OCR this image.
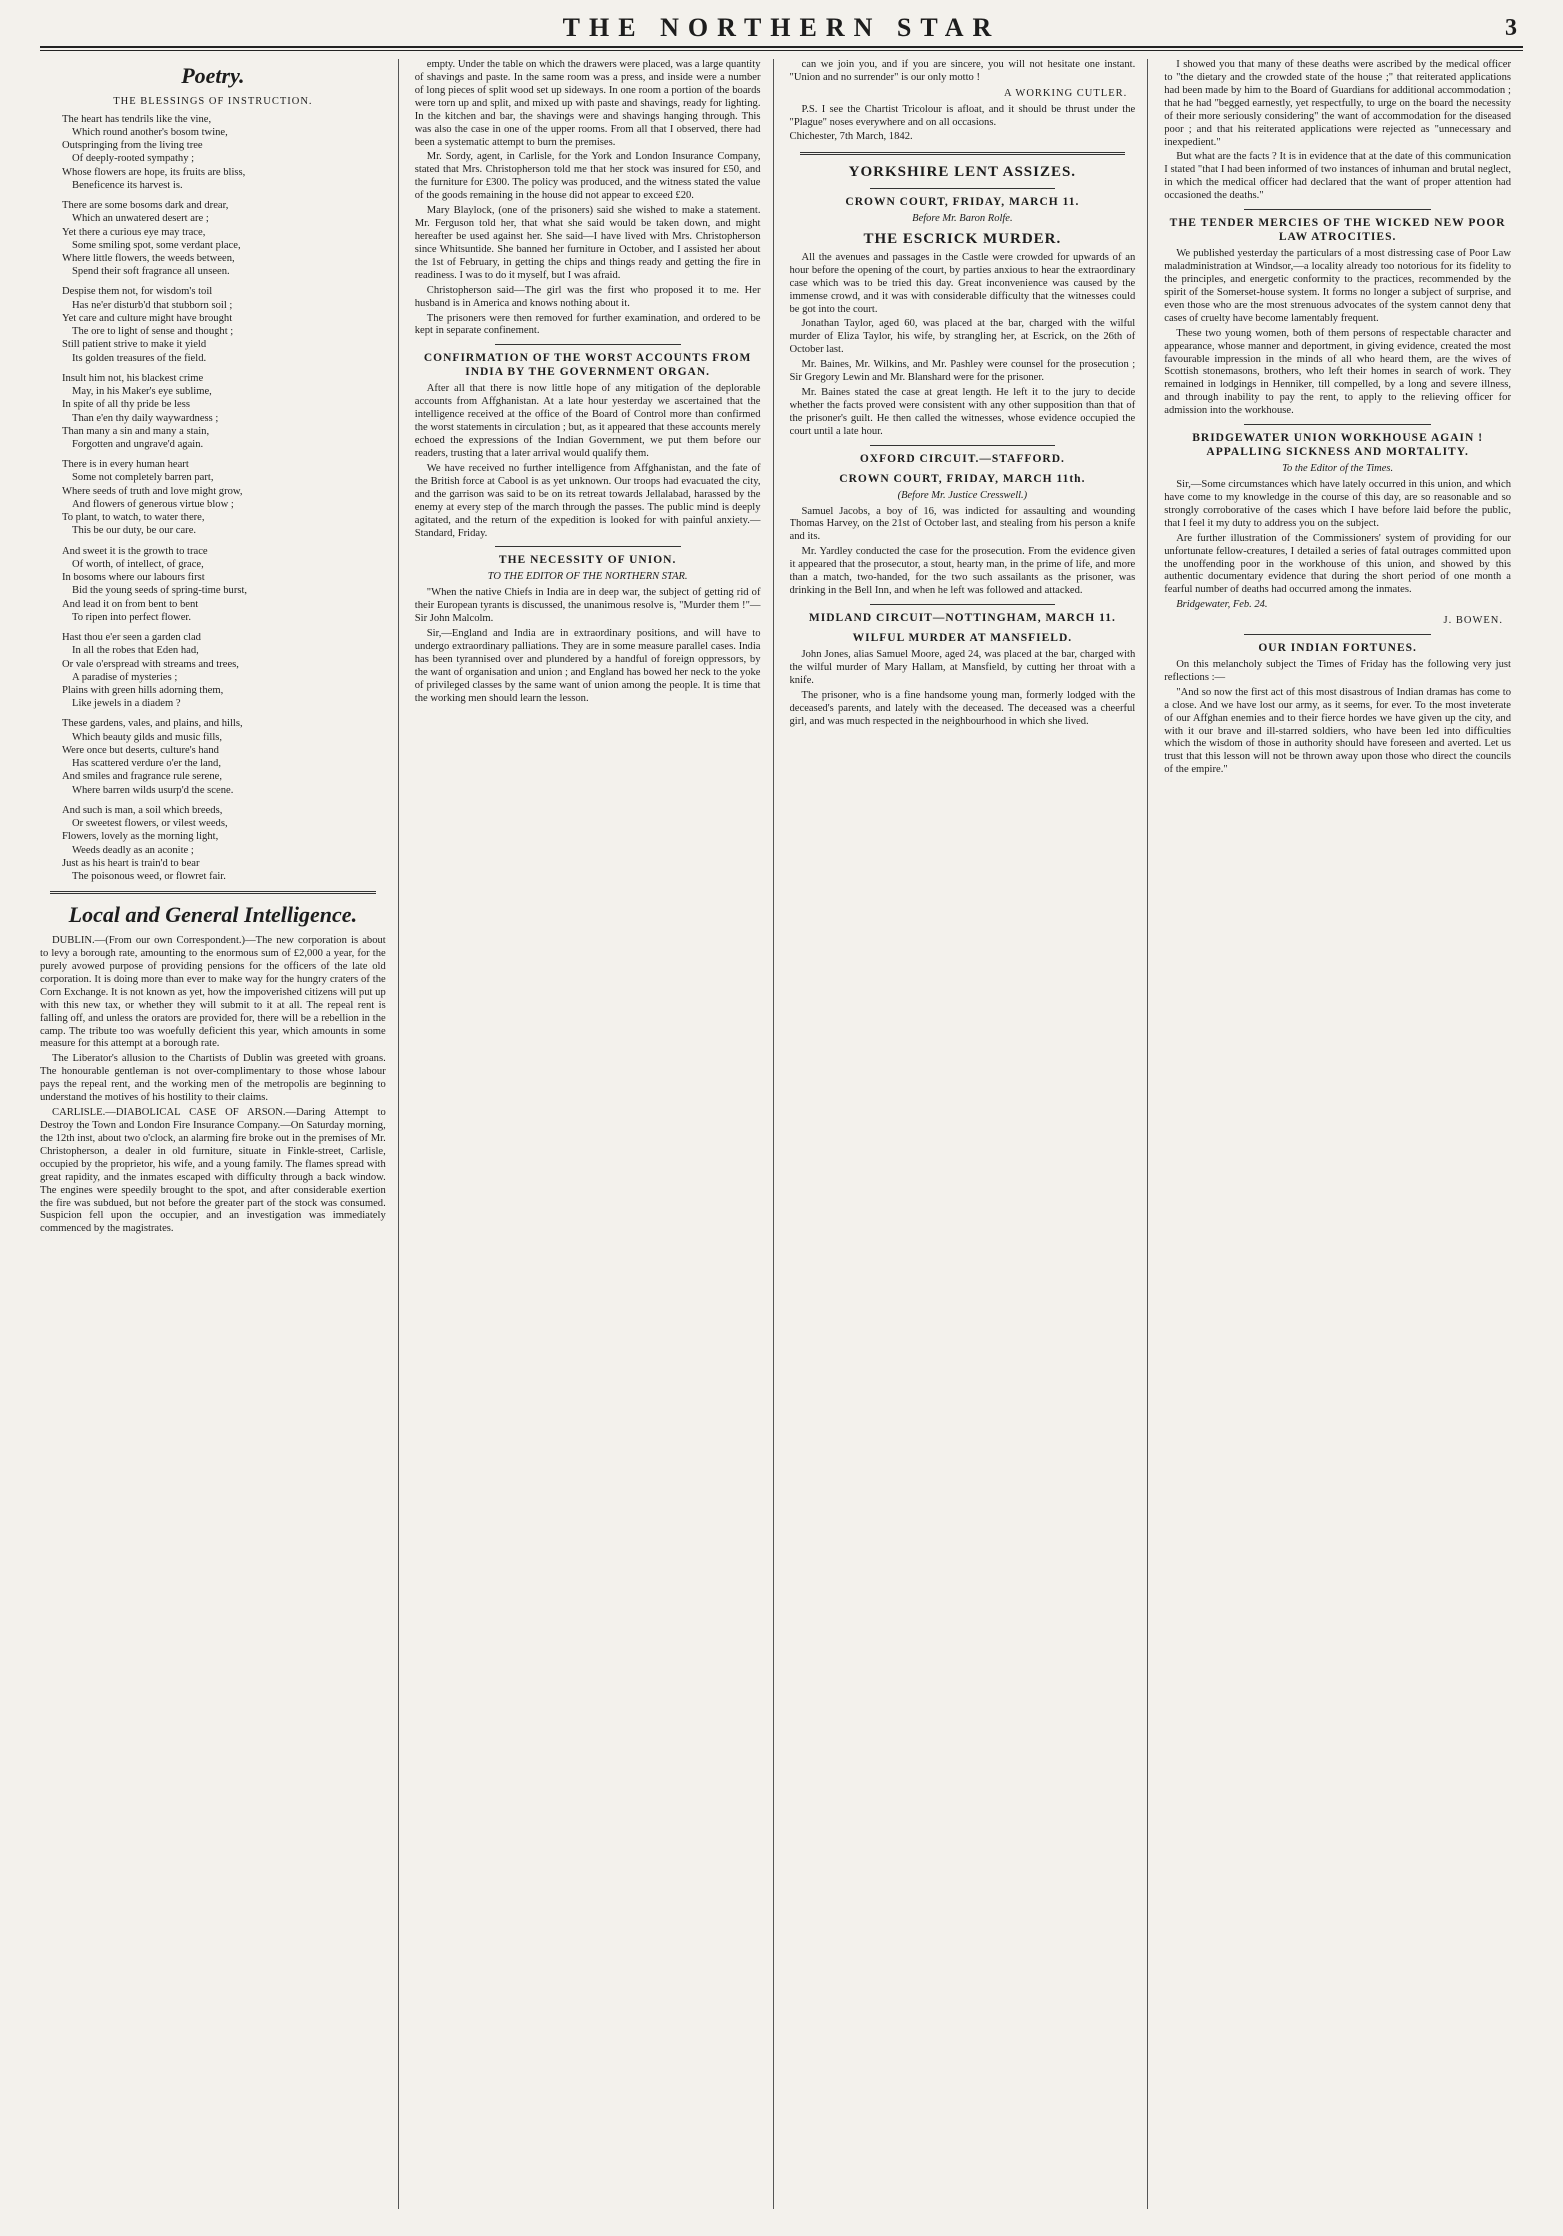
THE NORTHERN STAR	3
Poetry.
THE BLESSINGS OF INSTRUCTION.
The heart has tendrils like the vine,
Which round another's bosom twine,
Outspringing from the living tree
Of deeply-rooted sympathy ;
Whose flowers are hope, its fruits are bliss,
Beneficence its harvest is.
There are some bosoms dark and drear,
Which an unwatered desert are ;
Yet there a curious eye may trace,
Some smiling spot, some verdant place,
Where little flowers, the weeds between,
Spend their soft fragrance all unseen.
Despise them not, for wisdom's toil
Has ne'er disturb'd that stubborn soil ;
Yet care and culture might have brought
The ore to light of sense and thought ;
Still patient strive to make it yield
Its golden treasures of the field.
Insult him not, his blackest crime
May, in his Maker's eye sublime,
In spite of all thy pride be less
Than e'en thy daily waywardness ;
Than many a sin and many a stain,
Forgotten and ungrave'd again.
There is in every human heart
Some not completely barren part,
Where seeds of truth and love might grow,
And flowers of generous virtue blow ;
To plant, to watch, to water there,
This be our duty, be our care.
And sweet it is the growth to trace
Of worth, of intellect, of grace,
In bosoms where our labours first
Bid the young seeds of spring-time burst,
And lead it on from bent to bent
To ripen into perfect flower.
Hast thou e'er seen a garden clad
In all the robes that Eden had,
Or vale o'erspread with streams and trees,
A paradise of mysteries ;
Plains with green hills adorning them,
Like jewels in a diadem ?
These gardens, vales, and plains, and hills,
Which beauty gilds and music fills,
Were once but deserts, culture's hand
Has scattered verdure o'er the land,
And smiles and fragrance rule serene,
Where barren wilds usurp'd the scene.
And such is man, a soil which breeds,
Or sweetest flowers, or vilest weeds,
Flowers, lovely as the morning light,
Weeds deadly as an aconite ;
Just as his heart is train'd to bear
The poisonous weed, or flowret fair.
Local and General Intelligence.

DUBLIN.—(From our own Correspondent.)—The new corporation is about to levy a borough rate, amounting to the enormous sum of £2,000 a year, for the purely avowed purpose of providing pensions for the officers of the late old corporation. It is doing more than ever to make way for the hungry craters of the Corn Exchange. It is not known as yet, how the impoverished citizens will put up with this new tax, or whether they will submit to it at all. The repeal rent is falling off, and unless the orators are provided for, there will be a rebellion in the camp. The tribute too was woefully deficient this year, which amounts in some measure for this attempt at a borough rate.

The Liberator's allusion to the Chartists of Dublin was greeted with groans. The honourable gentleman is not over-complimentary to those whose labour pays the repeal rent, and the working men of the metropolis are beginning to understand the motives of his hostility to their claims.

CARLISLE.—DIABOLICAL CASE OF ARSON.—Daring Attempt to Destroy the Town and London Fire Insurance Company.—On Saturday morning, the 12th inst, about two o'clock, an alarming fire broke out in the premises of Mr. Christopherson, a dealer in old furniture, situate in Finkle-street, Carlisle, occupied by the proprietor, his wife, and a young family. The flames spread with great rapidity, and the inmates escaped with difficulty through a back window. The engines were speedily brought to the spot, and after considerable exertion the fire was subdued, but not before the greater part of the stock was consumed. Suspicion fell upon the occupier, and an investigation was immediately commenced by the magistrates.

empty. Under the table on which the drawers were placed, was a large quantity of shavings and paste. In the same room was a press, and inside were a number of long pieces of split wood set up sideways. In one room a portion of the boards were torn up and split, and mixed up with paste and shavings, ready for lighting. In the kitchen and bar, the shavings were and shavings hanging through. This was also the case in one of the upper rooms. From all that I observed, there had been a systematic attempt to burn the premises.

Mr. Sordy, agent, in Carlisle, for the York and London Insurance Company, stated that Mrs. Christopherson told me that her stock was insured for £50, and the furniture for £300. The policy was produced, and the witness stated the value of the goods remaining in the house did not appear to exceed £20.

Mary Blaylock, (one of the prisoners) said she wished to make a statement. Mr. Ferguson told her, that what she said would be taken down, and might hereafter be used against her. She said—I have lived with Mrs. Christopherson since Whitsuntide. She banned her furniture in October, and I assisted her about the 1st of February, in getting the chips and things ready and getting the fire in readiness. I was to do it myself, but I was afraid.

Christopherson said—The girl was the first who proposed it to me. Her husband is in America and knows nothing about it.

The prisoners were then removed for further examination, and ordered to be kept in separate confinement.

CONFIRMATION OF THE WORST ACCOUNTS FROM INDIA BY THE GOVERNMENT ORGAN.

After all that there is now little hope of any mitigation of the deplorable accounts from Affghanistan. At a late hour yesterday we ascertained that the intelligence received at the office of the Board of Control more than confirmed the worst statements in circulation ; but, as it appeared that these accounts merely echoed the expressions of the Indian Government, we put them before our readers, trusting that a later arrival would qualify them.

We have received no further intelligence from Affghanistan, and the fate of the British force at Cabool is as yet unknown. Our troops had evacuated the city, and the garrison was said to be on its retreat towards Jellalabad, harassed by the enemy at every step of the march through the passes. The public mind is deeply agitated, and the return of the expedition is looked for with painful anxiety.—Standard, Friday.

THE NECESSITY OF UNION.
TO THE EDITOR OF THE NORTHERN STAR.

"When the native Chiefs in India are in deep war, the subject of getting rid of their European tyrants is discussed, the unanimous resolve is, "Murder them !"—Sir John Malcolm.

Sir,—England and India are in extraordinary positions, and will have to undergo extraordinary palliations. They are in some measure parallel cases. India has been tyrannised over and plundered by a handful of foreign oppressors, by the want of organisation and union ; and England has bowed her neck to the yoke of privileged classes by the same want of union among the people. It is time that the working men should learn the lesson.

can we join you, and if you are sincere, you will not hesitate one instant. "Union and no surrender" is our only motto !

A WORKING CUTLER.

P.S. I see the Chartist Tricolour is afloat, and it should be thrust under the "Plague" noses everywhere and on all occasions.

Chichester, 7th March, 1842.

YORKSHIRE LENT ASSIZES.
CROWN COURT, FRIDAY, MARCH 11.
Before Mr. Baron Rolfe.
THE ESCRICK MURDER.

All the avenues and passages in the Castle were crowded for upwards of an hour before the opening of the court, by parties anxious to hear the extraordinary case which was to be tried this day. Great inconvenience was caused by the immense crowd, and it was with considerable difficulty that the witnesses could be got into the court.

Jonathan Taylor, aged 60, was placed at the bar, charged with the wilful murder of Eliza Taylor, his wife, by strangling her, at Escrick, on the 26th of October last.

Mr. Baines, Mr. Wilkins, and Mr. Pashley were counsel for the prosecution ; Sir Gregory Lewin and Mr. Blanshard were for the prisoner.

Mr. Baines stated the case at great length. He left it to the jury to decide whether the facts proved were consistent with any other supposition than that of the prisoner's guilt. He then called the witnesses, whose evidence occupied the court until a late hour.

OXFORD CIRCUIT.—STAFFORD.
CROWN COURT, FRIDAY, MARCH 11th.
(Before Mr. Justice Cresswell.)

Samuel Jacobs, a boy of 16, was indicted for assaulting and wounding Thomas Harvey, on the 21st of October last, and stealing from his person a knife and its.

Mr. Yardley conducted the case for the prosecution. From the evidence given it appeared that the prosecutor, a stout, hearty man, in the prime of life, and more than a match, two-handed, for the two such assailants as the prisoner, was drinking in the Bell Inn, and when he left was followed and attacked.

MIDLAND CIRCUIT—NOTTINGHAM, MARCH 11.
WILFUL MURDER AT MANSFIELD.

John Jones, alias Samuel Moore, aged 24, was placed at the bar, charged with the wilful murder of Mary Hallam, at Mansfield, by cutting her throat with a knife.

The prisoner, who is a fine handsome young man, formerly lodged with the deceased's parents, and lately with the deceased. The deceased was a cheerful girl, and was much respected in the neighbourhood in which she lived.

I showed you that many of these deaths were ascribed by the medical officer to "the dietary and the crowded state of the house ;" that reiterated applications had been made by him to the Board of Guardians for additional accommodation ; that he had "begged earnestly, yet respectfully, to urge on the board the necessity of their more seriously considering" the want of accommodation for the diseased poor ; and that his reiterated applications were rejected as "unnecessary and inexpedient."

But what are the facts ? It is in evidence that at the date of this communication I stated "that I had been informed of two instances of inhuman and brutal neglect, in which the medical officer had declared that the want of proper attention had occasioned the deaths."

THE TENDER MERCIES OF THE WICKED NEW POOR LAW ATROCITIES.

We published yesterday the particulars of a most distressing case of Poor Law maladministration at Windsor,—a locality already too notorious for its fidelity to the principles, and energetic conformity to the practices, recommended by the spirit of the Somerset-house system. It forms no longer a subject of surprise, and even those who are the most strenuous advocates of the system cannot deny that cases of cruelty have become lamentably frequent.

These two young women, both of them persons of respectable character and appearance, whose manner and deportment, in giving evidence, created the most favourable impression in the minds of all who heard them, are the wives of Scottish stonemasons, brothers, who left their homes in search of work. They remained in lodgings in Henniker, till compelled, by a long and severe illness, and through inability to pay the rent, to apply to the relieving officer for admission into the workhouse.

BRIDGEWATER UNION WORKHOUSE AGAIN ! APPALLING SICKNESS AND MORTALITY.
To the Editor of the Times.

Sir,—Some circumstances which have lately occurred in this union, and which have come to my knowledge in the course of this day, are so reasonable and so strongly corroborative of the cases which I have before laid before the public, that I feel it my duty to address you on the subject.

Are further illustration of the Commissioners' system of providing for our unfortunate fellow-creatures, I detailed a series of fatal outrages committed upon the unoffending poor in the workhouse of this union, and showed by this authentic documentary evidence that during the short period of one month a fearful number of deaths had occurred among the inmates.

Bridgewater, Feb. 24.

J. BOWEN.
OUR INDIAN FORTUNES.

On this melancholy subject the Times of Friday has the following very just reflections :—

"And so now the first act of this most disastrous of Indian dramas has come to a close. And we have lost our army, as it seems, for ever. To the most inveterate of our Affghan enemies and to their fierce hordes we have given up the city, and with it our brave and ill-starred soldiers, who have been led into difficulties which the wisdom of those in authority should have foreseen and averted. Let us trust that this lesson will not be thrown away upon those who direct the councils of the empire."
